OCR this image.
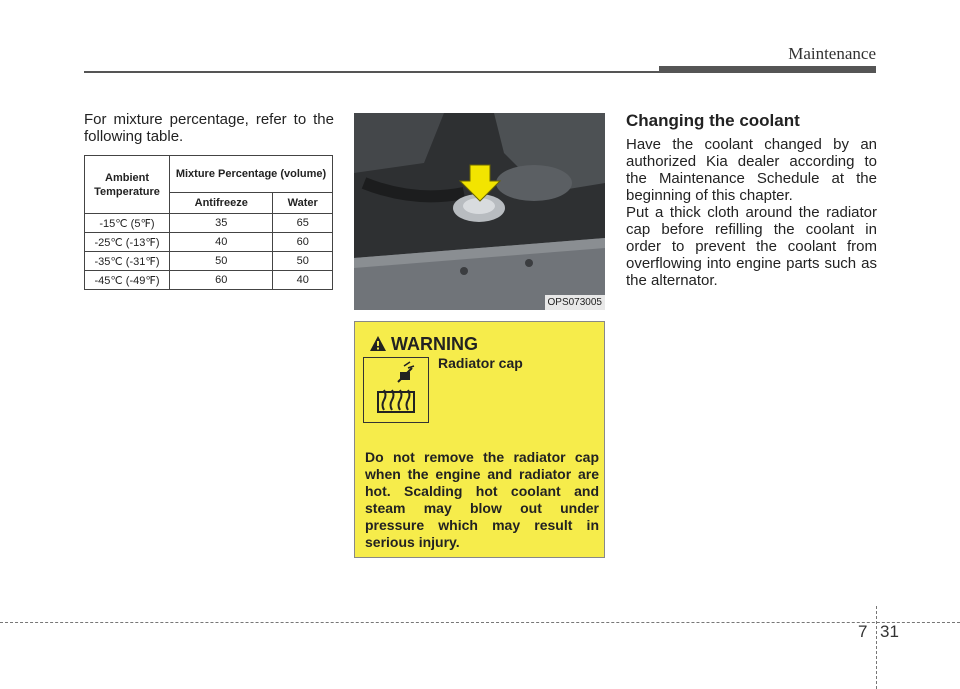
Maintenance
For mixture percentage, refer to the following table.
Ambient Temperature	Mixture Percentage (volume)	
	Antifreeze	Water
-15℃ (5℉)	35	65
-25℃ (-13℉)	40	60
-35℃ (-31℉)	50	50
-45℃ (-49℉)	60	40
OPS073005
WARNING
Radiator cap
Do not remove the radiator cap when the engine and radiator are hot. Scalding hot coolant and steam may blow out under pressure which may result in serious injury.
Changing the coolant
Have the coolant changed by an authorized Kia dealer according to the Maintenance Schedule at the beginning of this chapter.
Put a thick cloth around the radiator cap before refilling the coolant in order to prevent the coolant from overflowing into engine parts such as the alternator.
7 31
